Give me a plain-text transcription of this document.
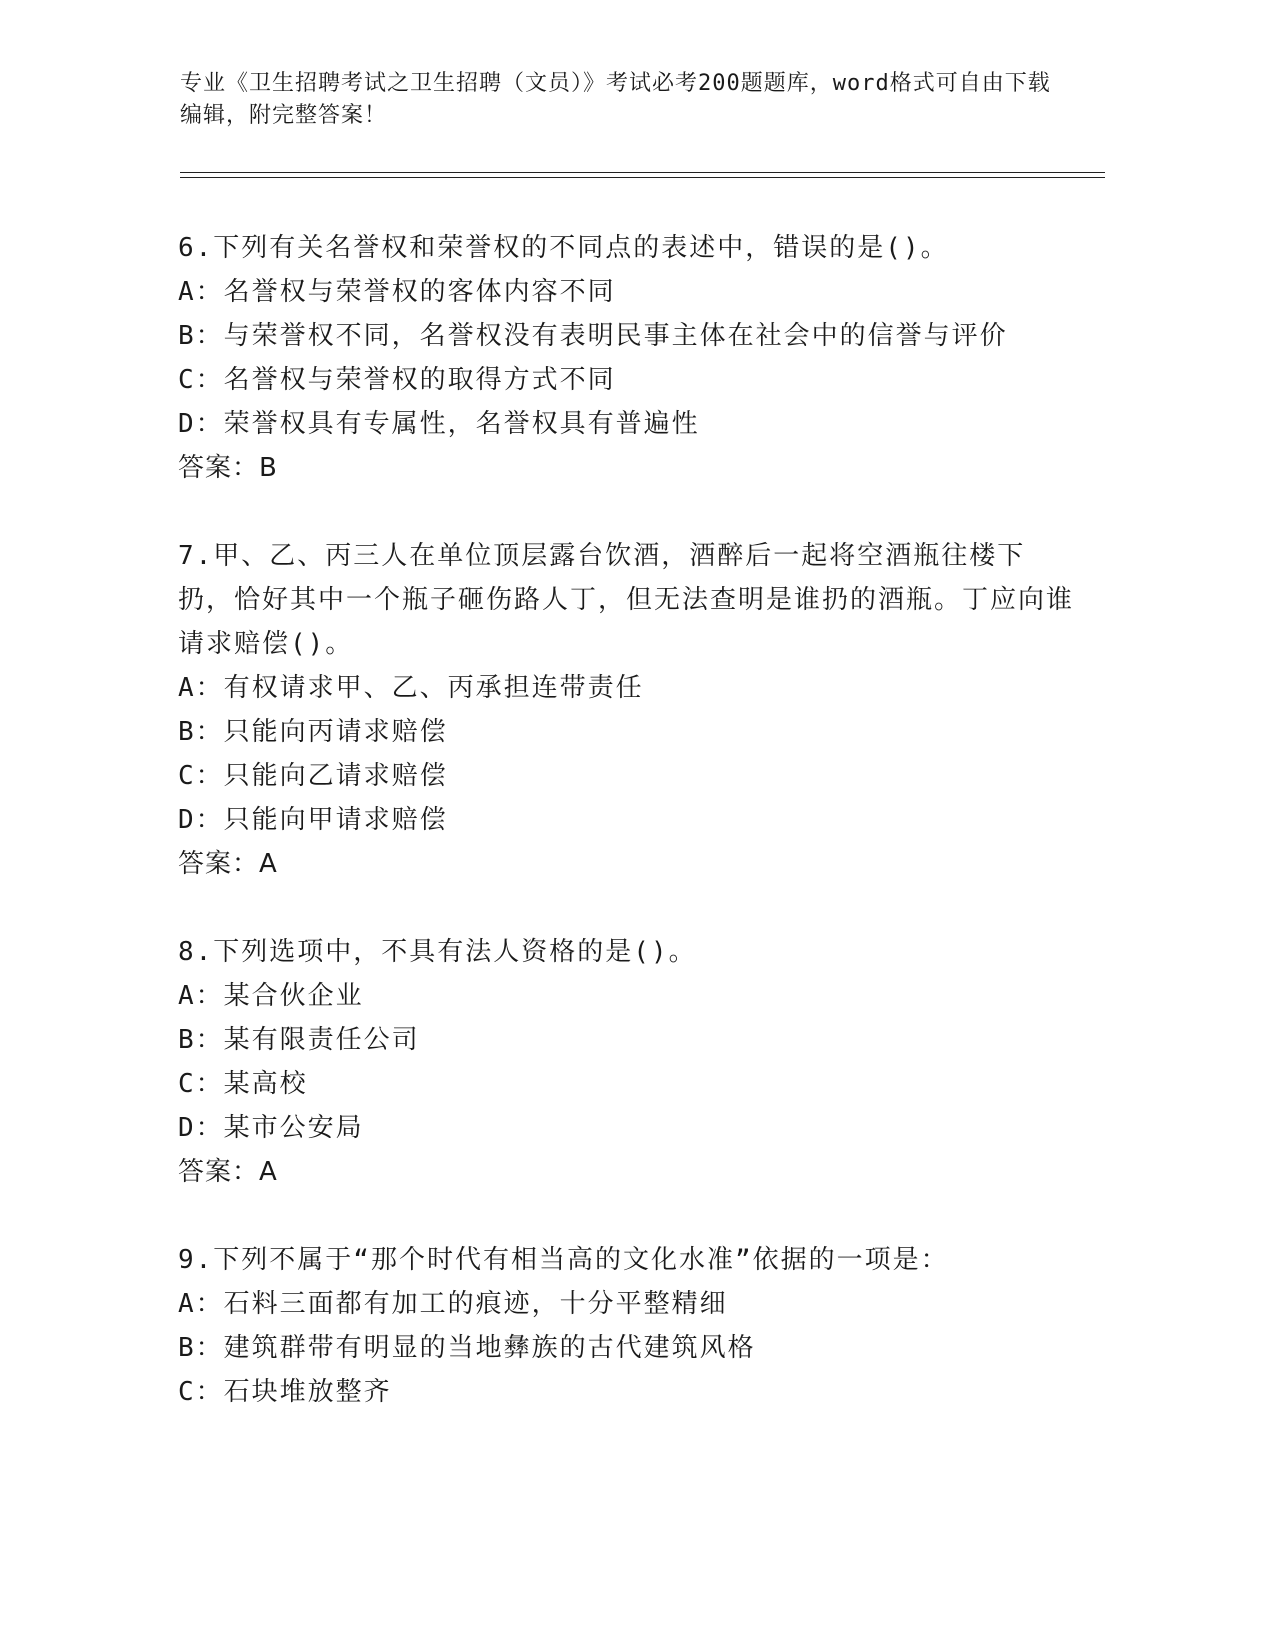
专业《卫生招聘考试之卫生招聘（文员）》考试必考200题题库，word格式可自由下载编辑，附完整答案！
6.下列有关名誉权和荣誉权的不同点的表述中，错误的是()。
A：名誉权与荣誉权的客体内容不同
B：与荣誉权不同，名誉权没有表明民事主体在社会中的信誉与评价
C：名誉权与荣誉权的取得方式不同
D：荣誉权具有专属性，名誉权具有普遍性
答案：B
7.甲、乙、丙三人在单位顶层露台饮酒，酒醉后一起将空酒瓶往楼下扔，恰好其中一个瓶子砸伤路人丁，但无法查明是谁扔的酒瓶。丁应向谁请求赔偿()。
A：有权请求甲、乙、丙承担连带责任
B：只能向丙请求赔偿
C：只能向乙请求赔偿
D：只能向甲请求赔偿
答案：A
8.下列选项中，不具有法人资格的是()。
A：某合伙企业
B：某有限责任公司
C：某高校
D：某市公安局
答案：A
9.下列不属于“那个时代有相当高的文化水准”依据的一项是：
A：石料三面都有加工的痕迹，十分平整精细
B：建筑群带有明显的当地彝族的古代建筑风格
C：石块堆放整齐
